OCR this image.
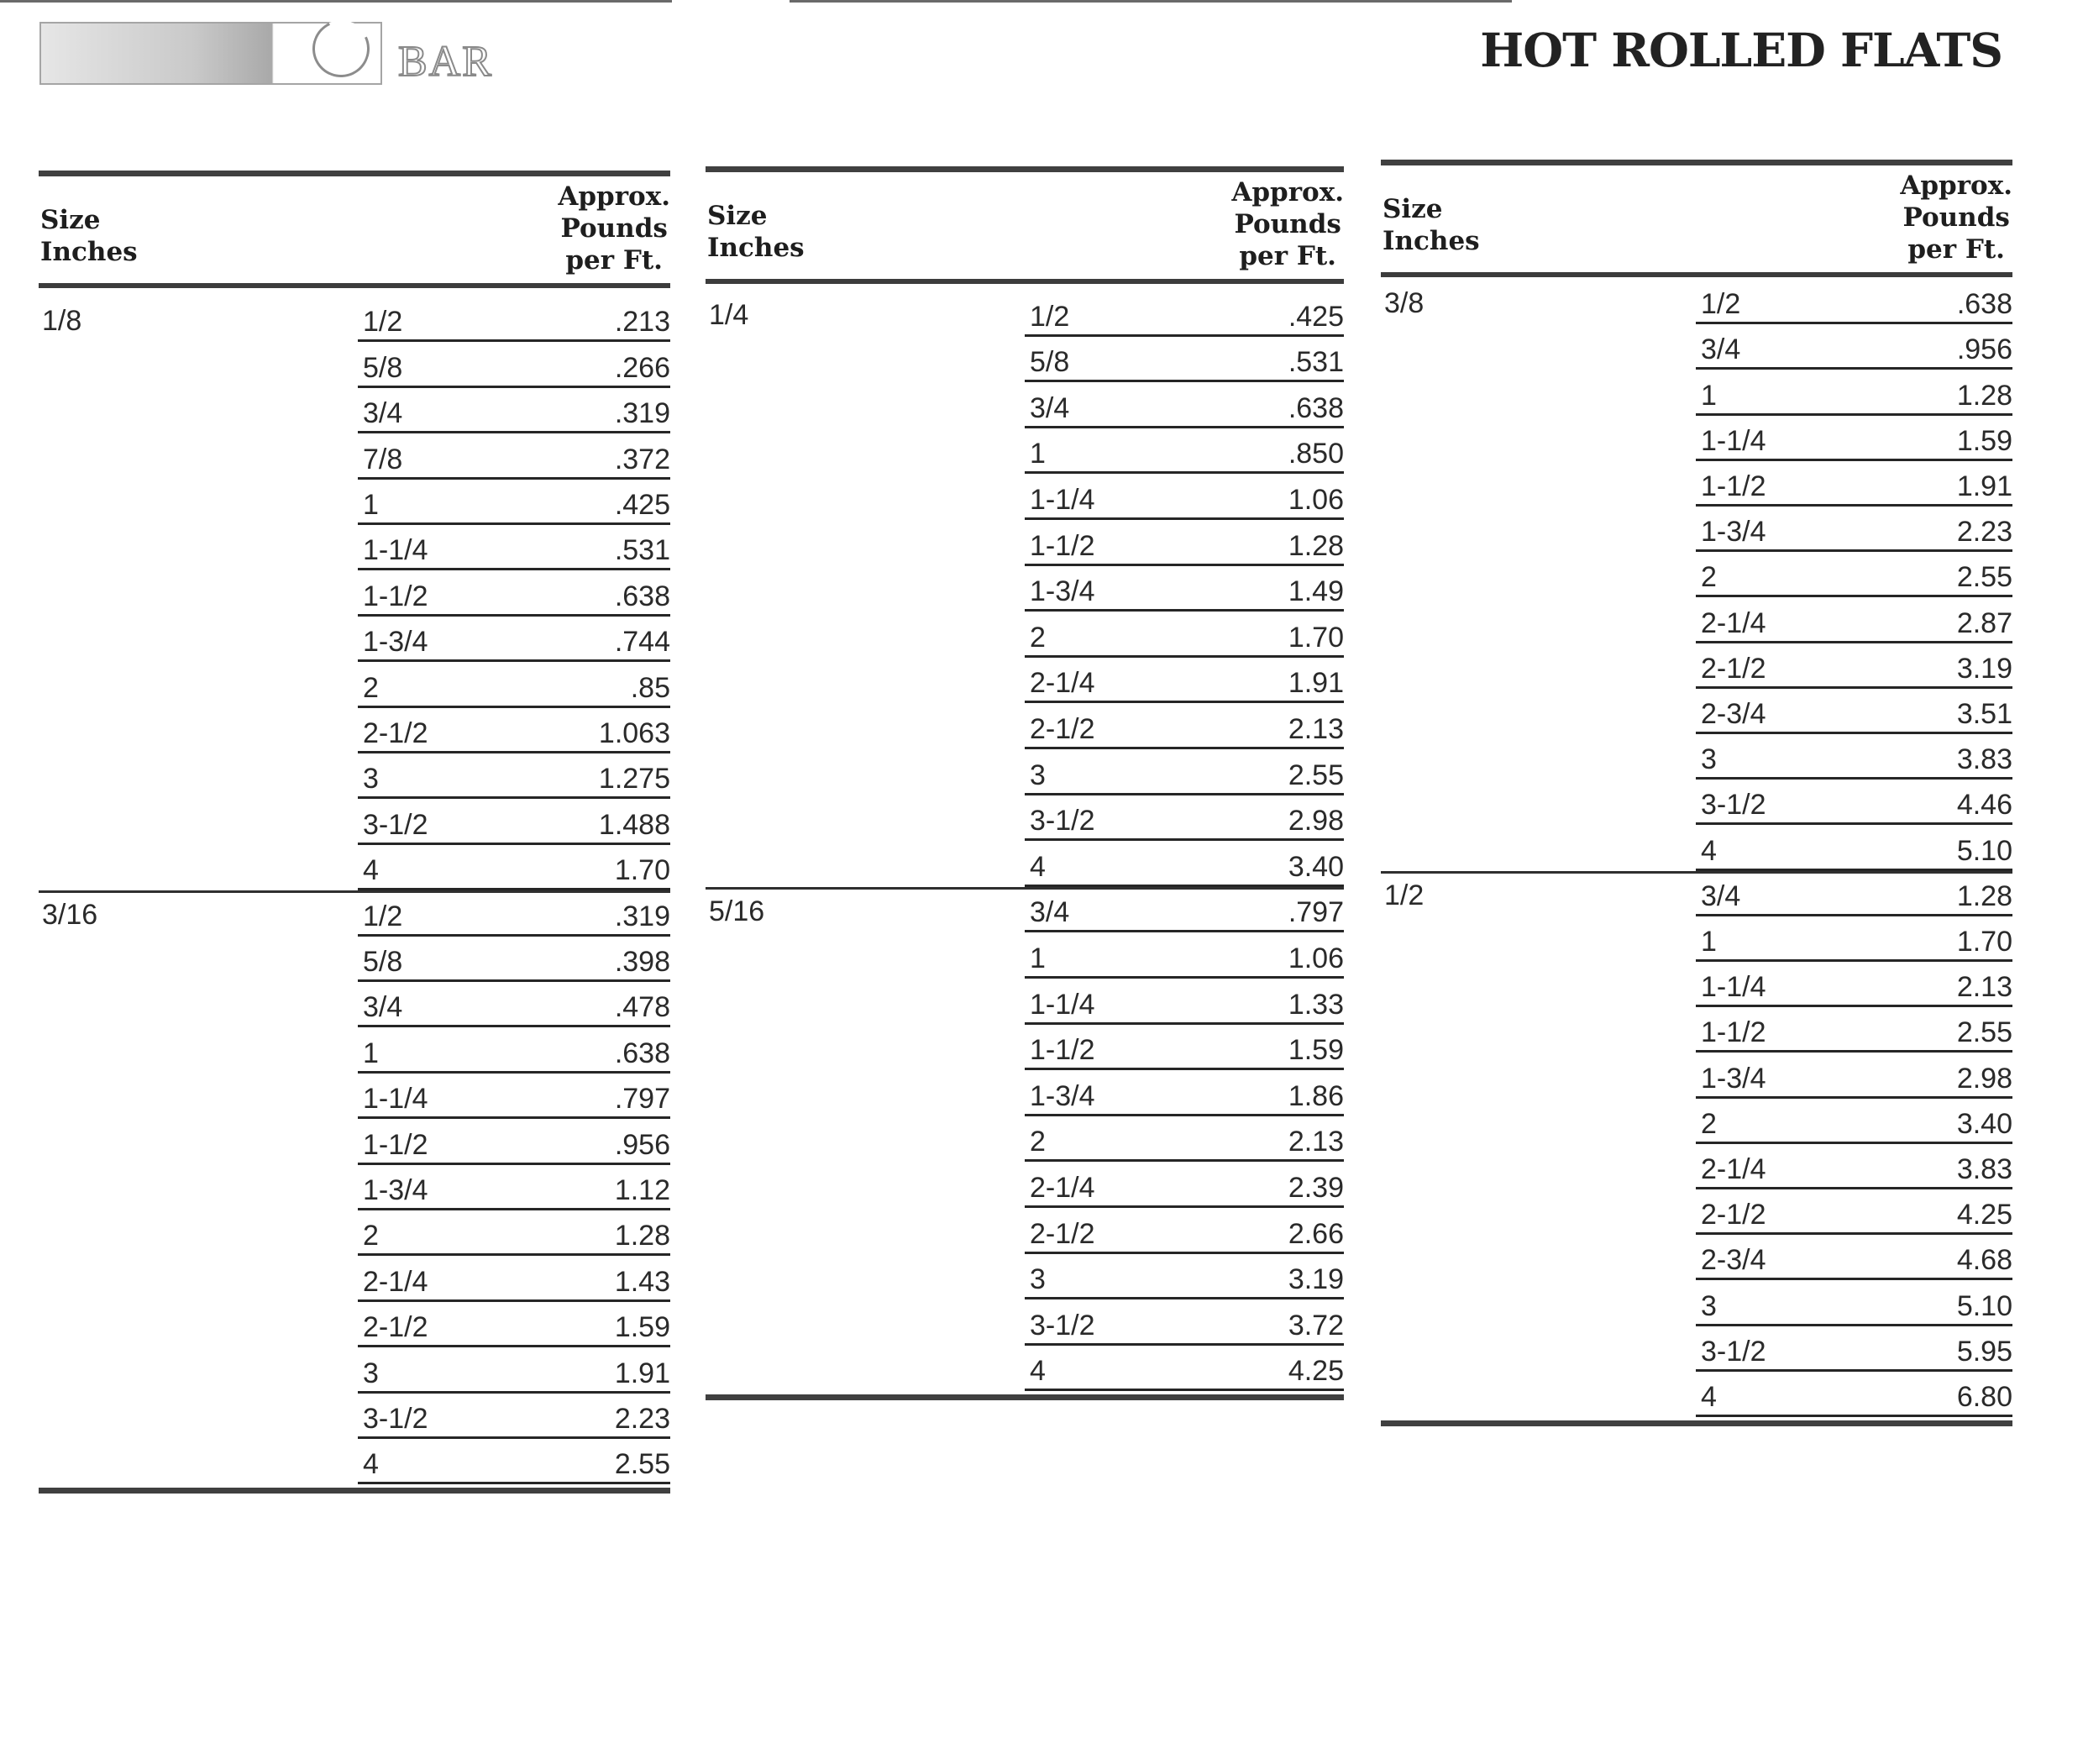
BAR	HOT ROLLED FLATS
Size
Inches
Approx.
Pounds
per Ft.
1/8	1/2	.213
5/8	.266
3/4	.319
7/8	.372
1	.425
1-1/4	.531
1-1/2	.638
1-3/4	.744
2	.85
2-1/2	1.063
3	1.275
3-1/2	1.488
4	1.70
3/16	1/2	.319
5/8	.398
3/4	.478
1	.638
1-1/4	.797
1-1/2	.956
1-3/4	1.12
2	1.28
2-1/4	1.43
2-1/2	1.59
3	1.91
3-1/2	2.23
4	2.55
Size
Inches
Approx.
Pounds
per Ft.
1/4	1/2	.425
5/8	.531
3/4	.638
1	.850
1-1/4	1.06
1-1/2	1.28
1-3/4	1.49
2	1.70
2-1/4	1.91
2-1/2	2.13
3	2.55
3-1/2	2.98
4	3.40
5/16	3/4	.797
1	1.06
1-1/4	1.33
1-1/2	1.59
1-3/4	1.86
2	2.13
2-1/4	2.39
2-1/2	2.66
3	3.19
3-1/2	3.72
4	4.25
Size
Inches
Approx.
Pounds
per Ft.
3/8	1/2	.638
3/4	.956
1	1.28
1-1/4	1.59
1-1/2	1.91
1-3/4	2.23
2	2.55
2-1/4	2.87
2-1/2	3.19
2-3/4	3.51
3	3.83
3-1/2	4.46
4	5.10
1/2	3/4	1.28
1	1.70
1-1/4	2.13
1-1/2	2.55
1-3/4	2.98
2	3.40
2-1/4	3.83
2-1/2	4.25
2-3/4	4.68
3	5.10
3-1/2	5.95
4	6.80
